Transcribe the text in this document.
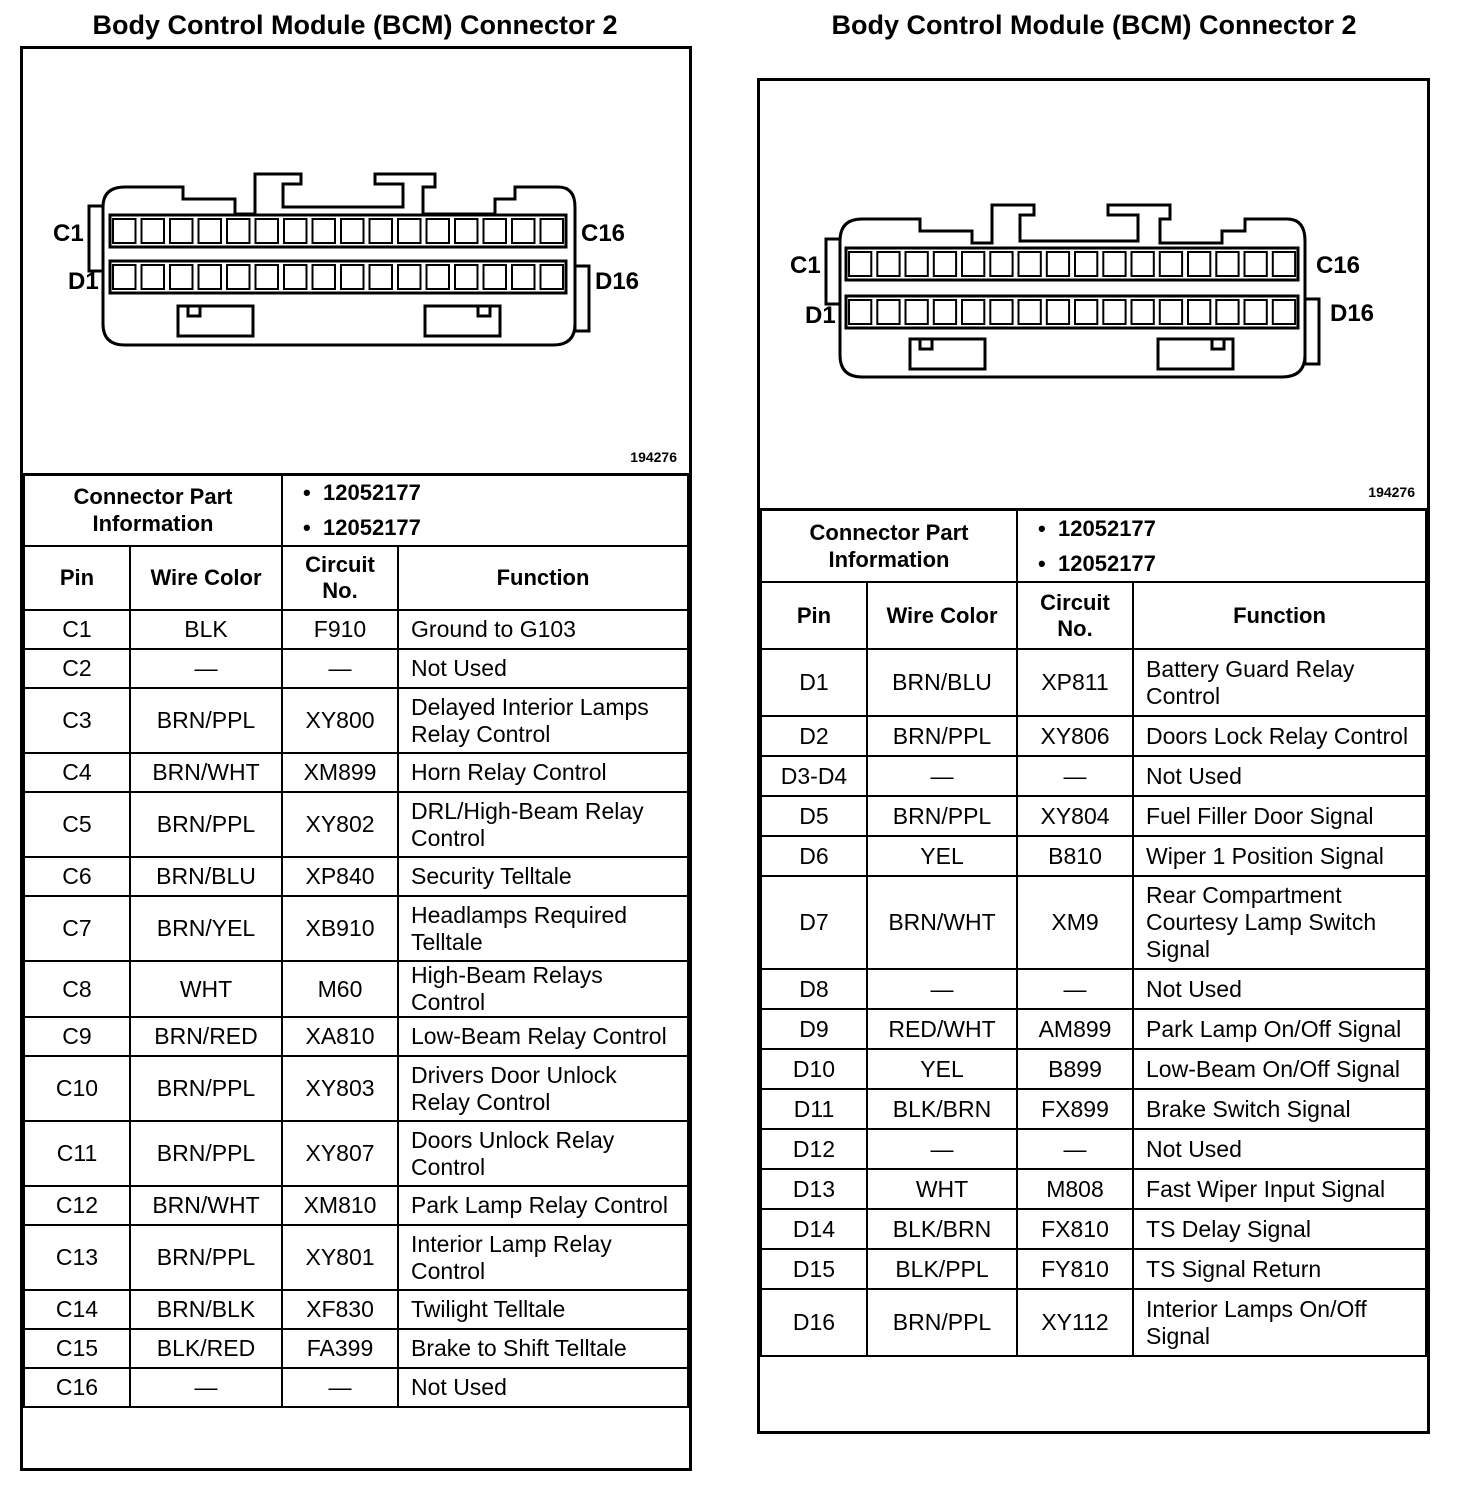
Body Control Module (BCM) Connector 2
C1
D1
C16
D16
194276
Connector Part Information		• 12052177
• 12052177

Pin	Wire Color	Circuit No.	Function
C1	BLK	F910	Ground to G103
C2	—	—	Not Used
C3	BRN/PPL	XY800	Delayed Interior Lamps Relay Control
C4	BRN/WHT	XM899	Horn Relay Control
C5	BRN/PPL	XY802	DRL/High-Beam Relay Control
C6	BRN/BLU	XP840	Security Telltale
C7	BRN/YEL	XB910	Headlamps Required Telltale
C8	WHT	M60	High-Beam Relays Control
C9	BRN/RED	XA810	Low-Beam Relay Control
C10	BRN/PPL	XY803	Drivers Door Unlock Relay Control
C11	BRN/PPL	XY807	Doors Unlock Relay Control
C12	BRN/WHT	XM810	Park Lamp Relay Control
C13	BRN/PPL	XY801	Interior Lamp Relay Control
C14	BRN/BLK	XF830	Twilight Telltale
C15	BLK/RED	FA399	Brake to Shift Telltale
C16	—	—	Not Used
Body Control Module (BCM) Connector 2
C1
D1
C16
D16
194276
Connector Part Information		• 12052177
• 12052177

Pin	Wire Color	Circuit No.	Function
D1	BRN/BLU	XP811	Battery Guard Relay Control
D2	BRN/PPL	XY806	Doors Lock Relay Control
D3-D4	—	—	Not Used
D5	BRN/PPL	XY804	Fuel Filler Door Signal
D6	YEL	B810	Wiper 1 Position Signal
D7	BRN/WHT	XM9	Rear Compartment Courtesy Lamp Switch Signal
D8	—	—	Not Used
D9	RED/WHT	AM899	Park Lamp On/Off Signal
D10	YEL	B899	Low-Beam On/Off Signal
D11	BLK/BRN	FX899	Brake Switch Signal
D12	—	—	Not Used
D13	WHT	M808	Fast Wiper Input Signal
D14	BLK/BRN	FX810	TS Delay Signal
D15	BLK/PPL	FY810	TS Signal Return
D16	BRN/PPL	XY112	Interior Lamps On/Off Signal
